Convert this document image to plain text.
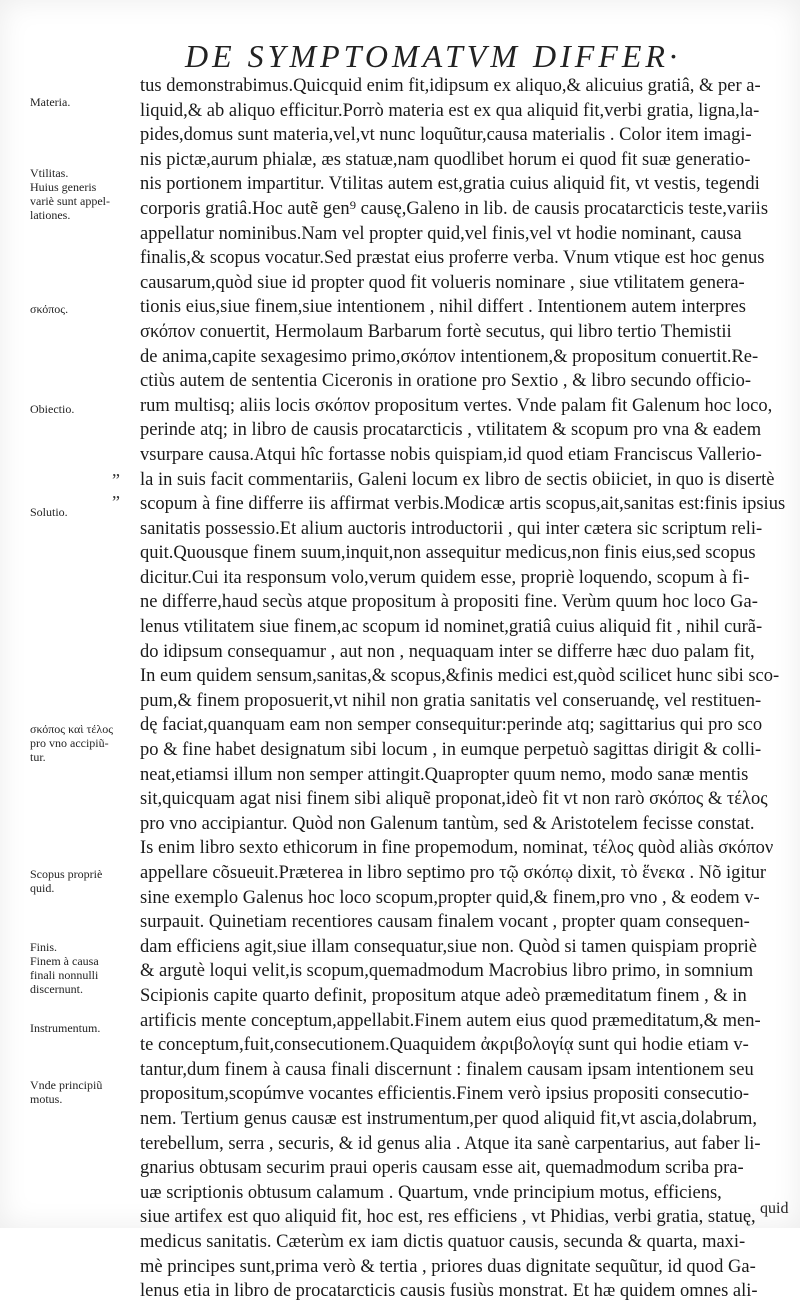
DE SYMPTOMATVM DIFFER·
Materia.
Vtilitas.
Huius generis
variè sunt appel-
lationes.
σκόπος.
Obiectio.
Solutio.
σκόπος καὶ τέλος
pro vno accipiũ-
tur.
Scopus propriè
quid.
Finis.
Finem à causa
finali nonnulli
discernunt.
Instrumentum.
Vnde principiũ
motus.
”
”
tus demonstrabimus.Quicquid enim fit,idipsum ex aliquo,& alicuius gratiâ, & per a-
liquid,& ab aliquo efficitur.Porrò materia est ex qua aliquid fit,verbi gratia, ligna,la-
pides,domus sunt materia,vel,vt nunc loquũtur,causa materialis . Color item imagi-
nis pictæ,aurum phialæ, æs statuæ,nam quodlibet horum ei quod fit suæ generatio-
nis portionem impartitur. Vtilitas autem est,gratia cuius aliquid fit, vt vestis, tegendi
corporis gratiâ.Hoc autẽ gen⁹ causę,Galeno in lib. de causis procatarcticis teste,variis
appellatur nominibus.Nam vel propter quid,vel finis,vel vt hodie nominant, causa
finalis,& scopus vocatur.Sed præstat eius proferre verba. Vnum vtique est hoc genus
causarum,quòd siue id propter quod fit volueris nominare , siue vtilitatem genera-
tionis eius,siue finem,siue intentionem , nihil differt . Intentionem autem interpres
σκόπον conuertit, Hermolaum Barbarum fortè secutus, qui libro tertio Themistii
de anima,capite sexagesimo primo,σκόπον intentionem,& propositum conuertit.Re-
ctiùs autem de sententia Ciceronis in oratione pro Sextio , & libro secundo officio-
rum multisq; aliis locis σκόπον propositum vertes. Vnde palam fit Galenum hoc loco,
perinde atq; in libro de causis procatarcticis , vtilitatem & scopum pro vna & eadem
vsurpare causa.Atqui hîc fortasse nobis quispiam,id quod etiam Franciscus Vallerio-
la in suis facit commentariis, Galeni locum ex libro de sectis obiiciet, in quo is disertè
scopum à fine differre iis affirmat verbis.Modicæ artis scopus,ait,sanitas est:finis ipsius
sanitatis possessio.Et alium auctoris introductorii , qui inter cætera sic scriptum reli-
quit.Quousque finem suum,inquit,non assequitur medicus,non finis eius,sed scopus
dicitur.Cui ita responsum volo,verum quidem esse, propriè loquendo, scopum à fi-
ne differre,haud secùs atque propositum à propositi fine. Verùm quum hoc loco Ga-
lenus vtilitatem siue finem,ac scopum id nominet,gratiâ cuius aliquid fit , nihil curã-
do idipsum consequamur , aut non , nequaquam inter se differre hæc duo palam fit,
In eum quidem sensum,sanitas,& scopus,&finis medici est,quòd scilicet hunc sibi sco-
pum,& finem proposuerit,vt nihil non gratia sanitatis vel conseruandę, vel restituen-
dę faciat,quanquam eam non semper consequitur:perinde atq; sagittarius qui pro sco
po & fine habet designatum sibi locum , in eumque perpetuò sagittas dirigit & colli-
neat,etiamsi illum non semper attingit.Quapropter quum nemo, modo sanæ mentis
sit,quicquam agat nisi finem sibi aliquẽ proponat,ideò fit vt non rarò σκόπος & τέλος
pro vno accipiantur. Quòd non Galenum tantùm, sed & Aristotelem fecisse constat.
Is enim libro sexto ethicorum in fine propemodum, nominat, τέλος quòd aliàs σκόπον
appellare cõsueuit.Præterea in libro septimo pro τῷ σκόπῳ dixit, τὸ ἕνεκα . Nõ igitur
sine exemplo Galenus hoc loco scopum,propter quid,& finem,pro vno , & eodem v-
surpauit. Quinetiam recentiores causam finalem vocant , propter quam consequen-
dam efficiens agit,siue illam consequatur,siue non. Quòd si tamen quispiam propriè
& argutè loqui velit,is scopum,quemadmodum Macrobius libro primo, in somnium
Scipionis capite quarto definit, propositum atque adeò præmeditatum finem , & in
artificis mente conceptum,appellabit.Finem autem eius quod præmeditatum,& men-
te conceptum,fuit,consecutionem.Quaquidem ἀκριβολογίᾳ sunt qui hodie etiam v-
tantur,dum finem à causa finali discernunt : finalem causam ipsam intentionem seu
propositum,scopúmve vocantes efficientis.Finem verò ipsius propositi consecutio-
nem. Tertium genus causæ est instrumentum,per quod aliquid fit,vt ascia,dolabrum,
terebellum, serra , securis, & id genus alia . Atque ita sanè carpentarius, aut faber li-
gnarius obtusam securim praui operis causam esse ait, quemadmodum scriba pra-
uæ scriptionis obtusum calamum . Quartum, vnde principium motus, efficiens,
siue artifex est quo aliquid fit, hoc est, res efficiens , vt Phidias, verbi gratia, statuę,
medicus sanitatis. Cæterùm ex iam dictis quatuor causis, secunda & quarta, maxi-
mè principes sunt,prima verò & tertia , priores duas dignitate sequũtur, id quod Ga-
lenus etia in libro de procatarcticis causis fusiùs monstrat. Et hæ quidem omnes ali-
quid
